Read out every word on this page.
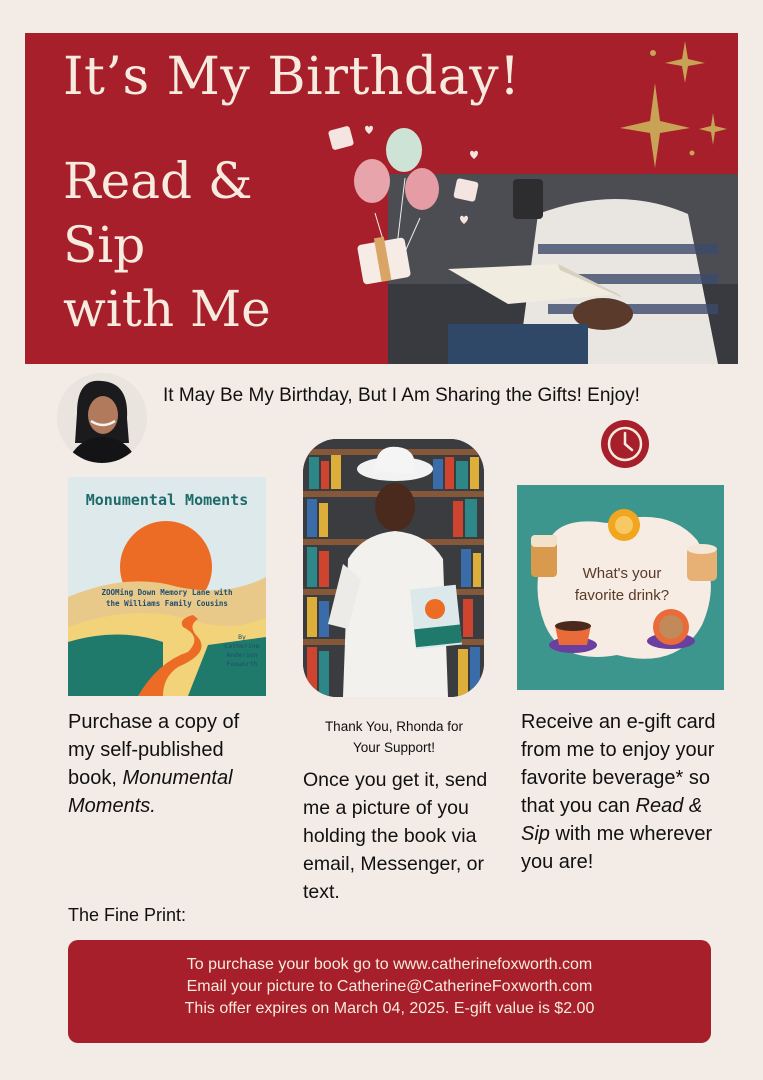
It’s My Birthday!
Read &
Sip
with Me
It May Be My Birthday, But I Am Sharing the Gifts! Enjoy!
Monumental Moments
ZOOMing Down Memory Lane with
the Williams Family Cousins
By
Catherine
Anderson
Foxworth
What's your
favorite drink?
Purchase a copy of my self-published book, Monumental Moments.
Thank You, Rhonda for
Your Support!
Once you get it, send me a picture of you holding the book via email, Messenger, or text.
Receive an e-gift card from me to enjoy your favorite beverage* so that you can Read & Sip with me wherever you are!
The Fine Print:
To purchase your book go to www.catherinefoxworth.com
Email your picture to Catherine@CatherineFoxworth.com
This offer expires on March 04, 2025. E-gift value is $2.00
